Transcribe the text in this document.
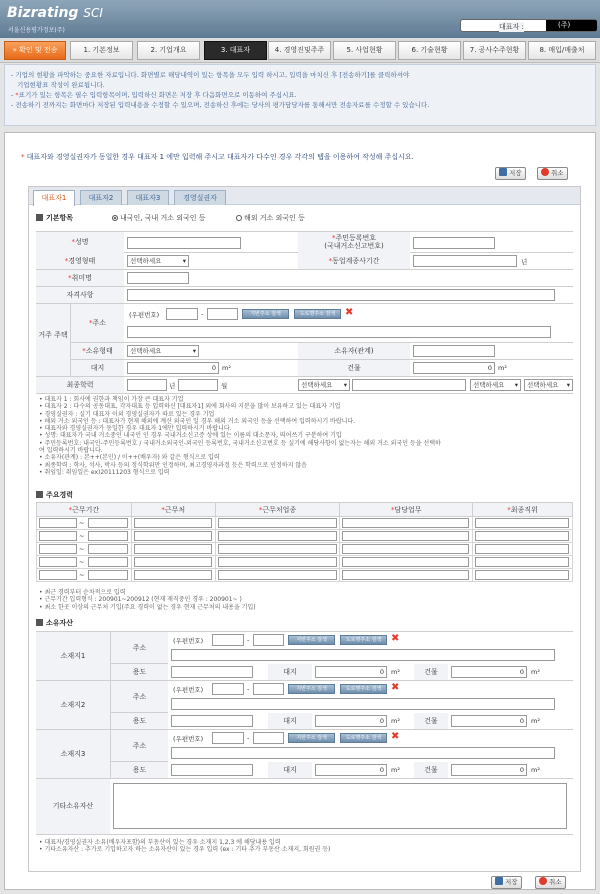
Bizrating SCI
서울신용평가정보(주)	대표자 :	(주)
» 확인 및 전송	1. 기본정보	2. 기업개요	3. 대표자	4. 경영진및주주	5. 사업현황	6. 기술현황	7. 공사수주현황	8. 매입/매출처
- 기업의 현황을 파악하는 중요한 자료입니다. 화면별로 해당내역이 있는 항목을 모두 입력 하시고, 입력을 마치신 후 [전송하기]를 클릭하셔야
기업현황표 작성이 완료됩니다.
- *표기가 있는 항목은 필수 입력항목이며, 입력하신 화면은 저장 후 다음화면으로 이동하여 주십시요.
- 전송하기 전까지는 화면마다 저장된 입력내용을 수정할 수 있으며, 전송하신 후에는 당사의 평가담당자를 통해서만 전송자료를 수정할 수 있습니다.
* 대표자와 경영실권자가 동일한 경우 대표자 1 에만 입력해 주시고 대표자가 다수인 경우 각각의 탭을 이용하여 작성해 주십시요.
저장	취소
대표자1	대표자2	대표자3	경영실권자
기본항목	내국인, 국내 거소 외국인 등	해외 거소 외국인 등
*성명	*주민등록번호
(국내거소신고번호)
*경영형태	선택하세요 ▾	*동업계종사기간	년
*취미명
자격사항
거주 주택
*주소
(우편번호)	-	지번주소 검색	도로명주소 검색 ✖
*소유형태	선택하세요 ▾	소유자(관계)
대지	0 m²	건물	0 m²
최종학력	년	월	선택하세요 ▾	선택하세요 ▾	선택하세요 ▾
• 대표자 1 : 회사에 권한과 책임이 가장 큰 대표자 기업
• 대표자 2 : 다수의 공동대표, 각자대표 등 입력하신 [대표자1] 외에 회사의 지분을 많이 보유하고 있는 대표자 기업
• 경영실권자 : 실기 대표자 이외 경영실권자가 따로 있는 경우 기업
• 해외 거소 외국인 등 : 대표자가 현재 해외에 계신 외국인 일 경우 해외 거소 외국인 등을 선택하여 입력하시기 바랍니다.
• 대표자와 경영실권자가 동일한 경우 대표자 1에만 입력하시기 바랍니다.
• 성명: 대표자가 국내 거소중인 내국인 인 경우 국내거소신고증 상에 있는 이름의 대소문자, 띄어쓰기 구분하여 기입
• 주민등록번호: 내국인-주민등록번호 / 국내거소외국인-외국인 등록번호, 국내거소신고번호 등 실기에 해당사항이 없는자는 해외 거소 외국인 등을 선택하
여 입력하시기 바랍니다.
• 소유자(관계) : 본++(본인) / 이++(배우자) 와 같은 형식으로 입력
• 최종학력 : 학사, 석사, 박사 등의 정식학위만 인정하며, 최고경영자과정 등은 학력으로 인정하지 않음
• 취임일: 취임일은 ex)20111203 형식으로 입력
주요경력
*근무기간	*근무처	*근무처업종	*담당업무	*최종직위

~				

~				

~				

~				

~				

• 최근 경력부터 순차적으로 입력
• 근무기간 입력형식 : 200901~200912 (현재 재직중인 경우 : 200901~ )
• 최소 한곳 이상의 근무처 기입(주요 경력이 없는 경우 현재 근무처의 내용을 기입)
소유자산
소재지1
주소
(우편번호)	-	지번주소 검색	도로명주소 검색 ✖
용도	대지	0	m²	건물	0	m²
소재지2
주소
(우편번호)	-	지번주소 검색	도로명주소 검색 ✖
용도	대지	0	m²	건물	0	m²
소재지3
주소
(우편번호)	-	지번주소 검색	도로명주소 검색 ✖
용도	대지	0	m²	건물	0	m²
기타소유자산
• 대표자/경영실권자 소유(배우자포함)의 부동산이 있는 경우 소재지 1,2,3 에 해당내용 입력
• 기타소유자산 : 추가로 기입하고자 하는 소유자산이 있는 경우 입력 (ex : 기타 추가 부동산 소재지, 회원권 등)
저장	취소
